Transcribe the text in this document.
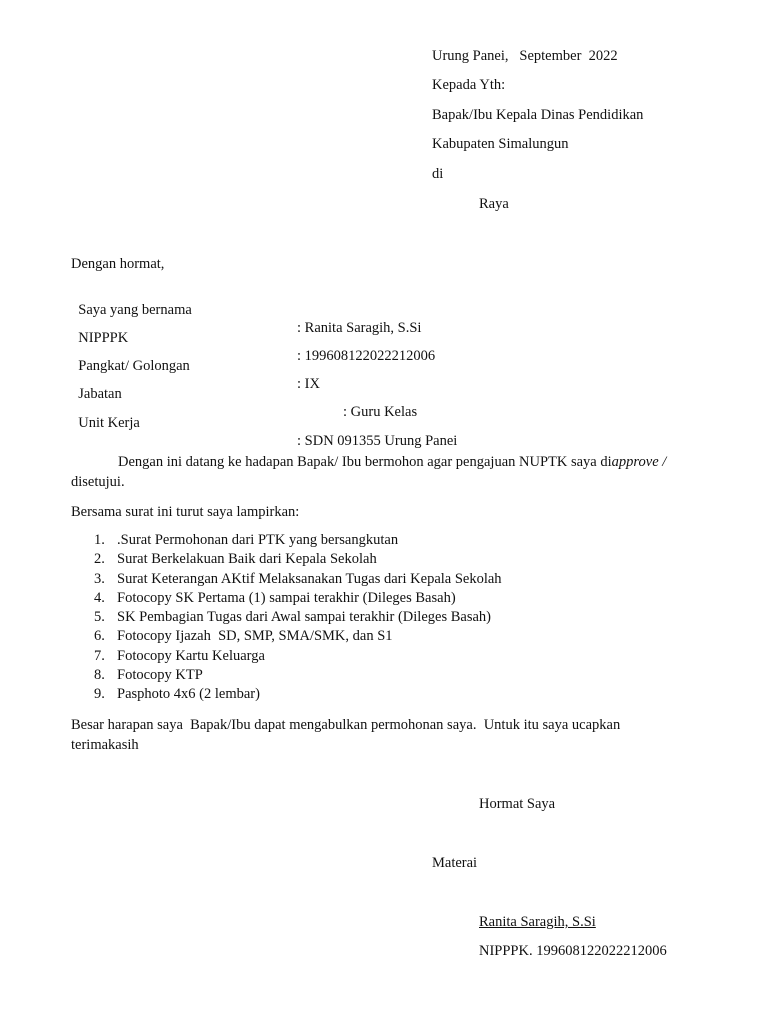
Urung Panei,   September  2022
Kepada Yth:
Bapak/Ibu Kepala Dinas Pendidikan
Kabupaten Simalungun
di
Raya
Dengan hormat,

Saya yang bernama

: Ranita Saragih, S.Si

NIPPPK

: 199608122022212006

Pangkat/ Golongan

: IX

Jabatan

: Guru Kelas

Unit Kerja

: SDN 091355 Urung Panei

Dengan ini datang ke hadapan Bapak/ Ibu bermohon agar pengajuan NUPTK saya diapprove /
disetujui.
Bersama surat ini turut saya lampirkan:
1. .Surat Permohonan dari PTK yang bersangkutan
2. Surat Berkelakuan Baik dari Kepala Sekolah
3. Surat Keterangan AKtif Melaksanakan Tugas dari Kepala Sekolah
4. Fotocopy SK Pertama (1) sampai terakhir (Dileges Basah)
5. SK Pembagian Tugas dari Awal sampai terakhir (Dileges Basah)
6. Fotocopy Ijazah  SD, SMP, SMA/SMK, dan S1
7. Fotocopy Kartu Keluarga
8. Fotocopy KTP
9. Pasphoto 4x6 (2 lembar)
Besar harapan saya  Bapak/Ibu dapat mengabulkan permohonan saya.  Untuk itu saya ucapkan
terimakasih
Hormat Saya
Materai
Ranita Saragih, S.Si
NIPPPK. 199608122022212006
